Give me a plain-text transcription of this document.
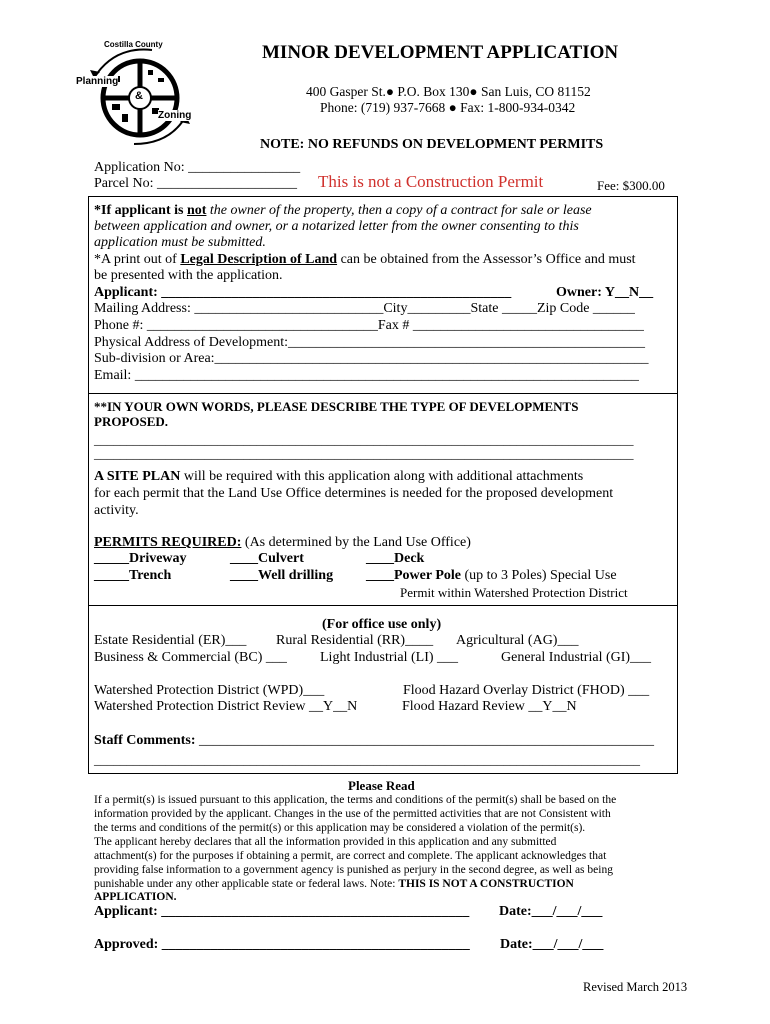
Costilla County
Planning
&
Zoning
MINOR DEVELOPMENT APPLICATION
400 Gasper St.● P.O. Box 130● San Luis, CO 81152
Phone: (719) 937-7668 ● Fax: 1-800-934-0342
NOTE: NO REFUNDS ON DEVELOPMENT PERMITS
Application No: ________________
Parcel No: ____________________ This is not a Construction Permit	Fee: $300.00
*If applicant is not the owner of the property, then a copy of a contract for sale or lease
between application and owner, or a notarized letter from the owner consenting to this
application must be submitted.
*A print out of Legal Description of Land can be obtained from the Assessor’s Office and must
be presented with the application.
Applicant: __________________________________________________	Owner: Y__N__
Mailing Address: ___________________________City_________State _____Zip Code ______
Phone #: _________________________________Fax # _________________________________
Physical Address of Development:___________________________________________________
Sub-division or Area:______________________________________________________________
Email: ________________________________________________________________________
**IN YOUR OWN WORDS, PLEASE DESCRIBE THE TYPE OF DEVELOPMENTS
PROPOSED.
___________________________________________________________________________________
___________________________________________________________________________________
A SITE PLAN will be required with this application along with additional attachments
for each permit that the Land Use Office determines is needed for the proposed development
activity.
PERMITS REQUIRED: (As determined by the Land Use Office)
_____Driveway	____Culvert	____Deck
_____Trench	____Well drilling ____Power Pole (up to 3 Poles) Special Use
Permit within Watershed Protection District
(For office use only)
Estate Residential (ER)___ Rural Residential (RR)____ Agricultural (AG)___
Business & Commercial (BC) ___ Light Industrial (LI) ___	General Industrial (GI)___
Watershed Protection District (WPD)___	Flood Hazard Overlay District (FHOD) ___
Watershed Protection District Review __Y__N	Flood Hazard Review __Y__N
Staff Comments: _________________________________________________________________
____________________________________________________________________________________
Please Read
If a permit(s) is issued pursuant to this application, the terms and conditions of the permit(s) shall be based on the
information provided by the applicant. Changes in the use of the permitted activities that are not Consistent with
the terms and conditions of the permit(s) or this application may be considered a violation of the permit(s).
The applicant hereby declares that all the information provided in this application and any submitted
attachment(s) for the purposes if obtaining a permit, are correct and complete. The applicant acknowledges that
providing false information to a government agency is punished as perjury in the second degree, as well as being
punishable under any other applicable state or federal laws. Note: THIS IS NOT A CONSTRUCTION
APPLICATION.
Applicant: ____________________________________________ Date:___/___/___
Approved: ____________________________________________ Date:___/___/___
Revised March 2013
